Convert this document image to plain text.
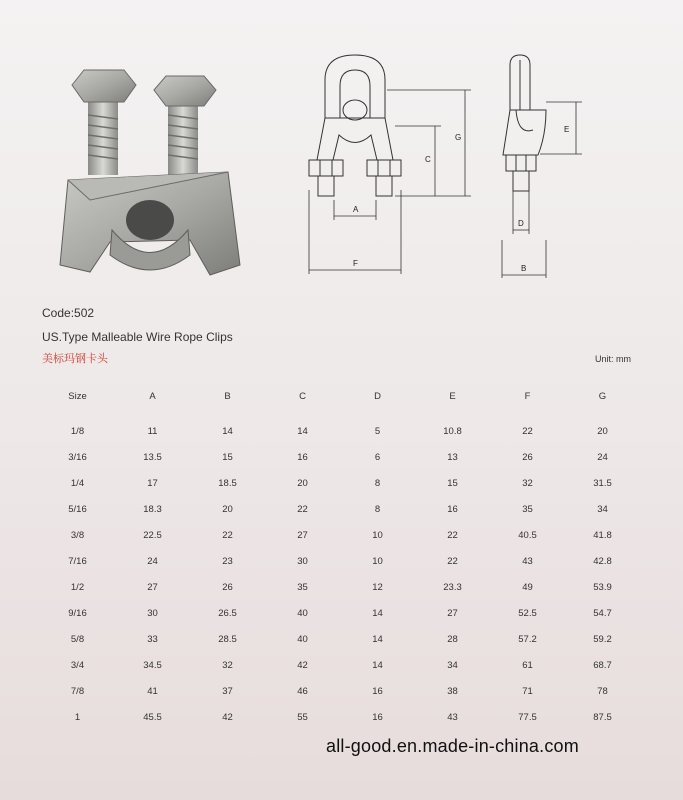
A
F
C
G
E
D
B
Code:502
US.Type Malleable Wire Rope Clips
美标玛钢卡头	Unit: mm
Size	A	B	C	D	E	F	G

1/8	11	14	14	5	10.8	22	20
3/16	13.5	15	16	6	13	26	24
1/4	17	18.5	20	8	15	32	31.5
5/16	18.3	20	22	8	16	35	34
3/8	22.5	22	27	10	22	40.5	41.8
7/16	24	23	30	10	22	43	42.8
1/2	27	26	35	12	23.3	49	53.9
9/16	30	26.5	40	14	27	52.5	54.7
5/8	33	28.5	40	14	28	57.2	59.2
3/4	34.5	32	42	14	34	61	68.7
7/8	41	37	46	16	38	71	78
1	45.5	42	55	16	43	77.5	87.5
all-good.en.made-in-china.com
